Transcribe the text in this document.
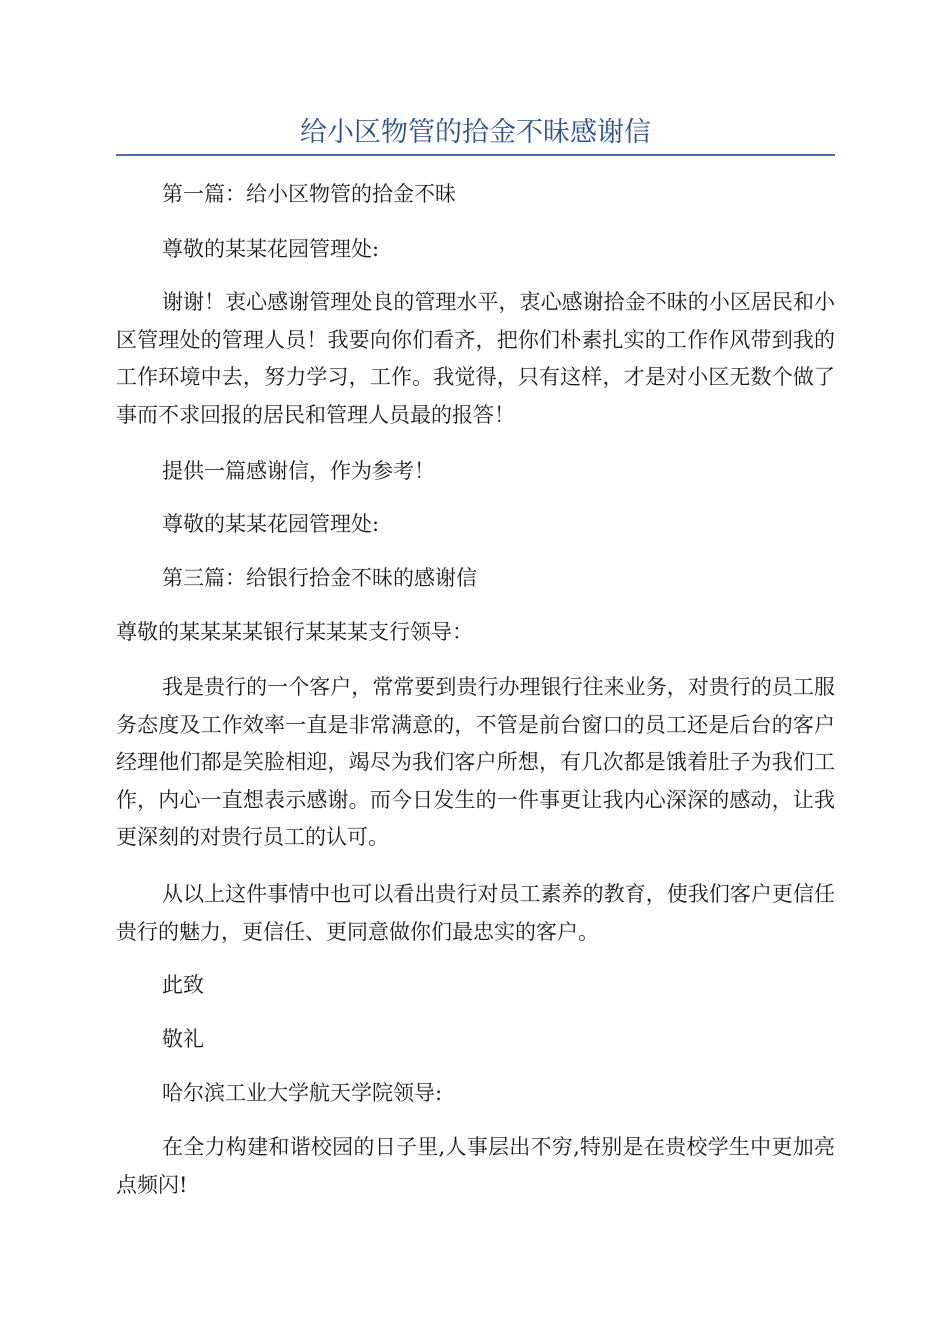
给小区物管的拾金不昧感谢信

第一篇：给小区物管的拾金不昧

尊敬的某某花园管理处:

谢谢！衷心感谢管理处良的管理水平，衷心感谢拾金不昧的小区居民和小区管理处的管理人员！我要向你们看齐，把你们朴素扎实的工作作风带到我的工作环境中去，努力学习，工作。我觉得，只有这样，才是对小区无数个做了事而不求回报的居民和管理人员最的报答！

提供一篇感谢信，作为参考！

尊敬的某某花园管理处:

第三篇：给银行拾金不昧的感谢信

尊敬的某某某某银行某某某支行领导：

我是贵行的一个客户，常常要到贵行办理银行往来业务，对贵行的员工服务态度及工作效率一直是非常满意的，不管是前台窗口的员工还是后台的客户经理他们都是笑脸相迎，竭尽为我们客户所想，有几次都是饿着肚子为我们工作，内心一直想表示感谢。而今日发生的一件事更让我内心深深的感动，让我更深刻的对贵行员工的认可。

从以上这件事情中也可以看出贵行对员工素养的教育，使我们客户更信任贵行的魅力，更信任、更同意做你们最忠实的客户。

此致

敬礼

哈尔滨工业大学航天学院领导:

在全力构建和谐校园的日子里,人事层出不穷,特别是在贵校学生中更加亮点频闪!
